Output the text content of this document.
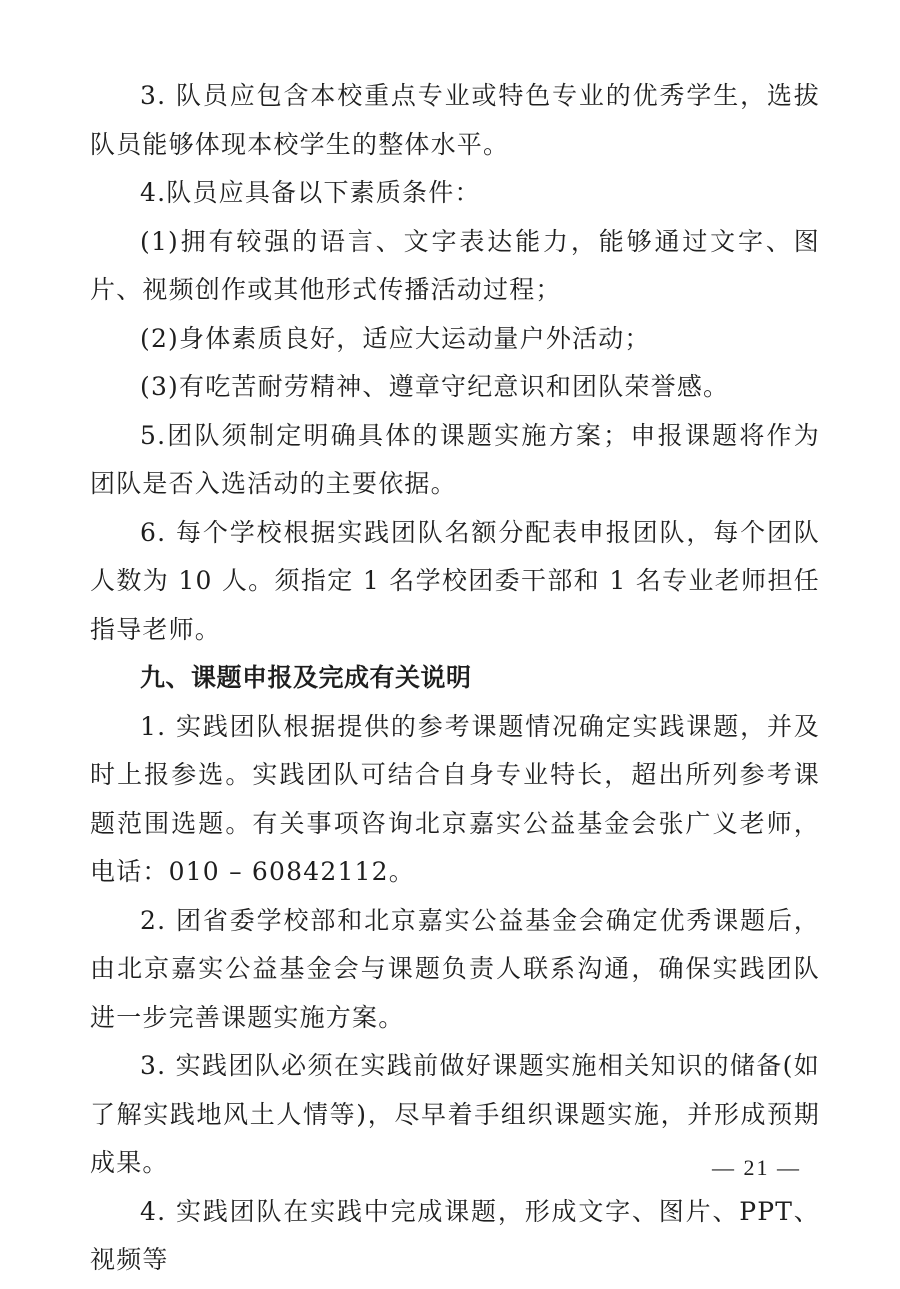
3. 队员应包含本校重点专业或特色专业的优秀学生，选拔队员能够体现本校学生的整体水平。

4.队员应具备以下素质条件：

(1)拥有较强的语言、文字表达能力，能够通过文字、图片、视频创作或其他形式传播活动过程；

(2)身体素质良好，适应大运动量户外活动；

(3)有吃苦耐劳精神、遵章守纪意识和团队荣誉感。

5.团队须制定明确具体的课题实施方案；申报课题将作为团队是否入选活动的主要依据。

6. 每个学校根据实践团队名额分配表申报团队，每个团队人数为 10 人。须指定 1 名学校团委干部和 1 名专业老师担任指导老师。

九、课题申报及完成有关说明

1. 实践团队根据提供的参考课题情况确定实践课题，并及时上报参选。实践团队可结合自身专业特长，超出所列参考课题范围选题。有关事项咨询北京嘉实公益基金会张广义老师，电话：010 – 60842112。

2. 团省委学校部和北京嘉实公益基金会确定优秀课题后，由北京嘉实公益基金会与课题负责人联系沟通，确保实践团队进一步完善课题实施方案。

3. 实践团队必须在实践前做好课题实施相关知识的储备(如了解实践地风土人情等)，尽早着手组织课题实施，并形成预期成果。

4. 实践团队在实践中完成课题，形成文字、图片、PPT、视频等

— 21 —
